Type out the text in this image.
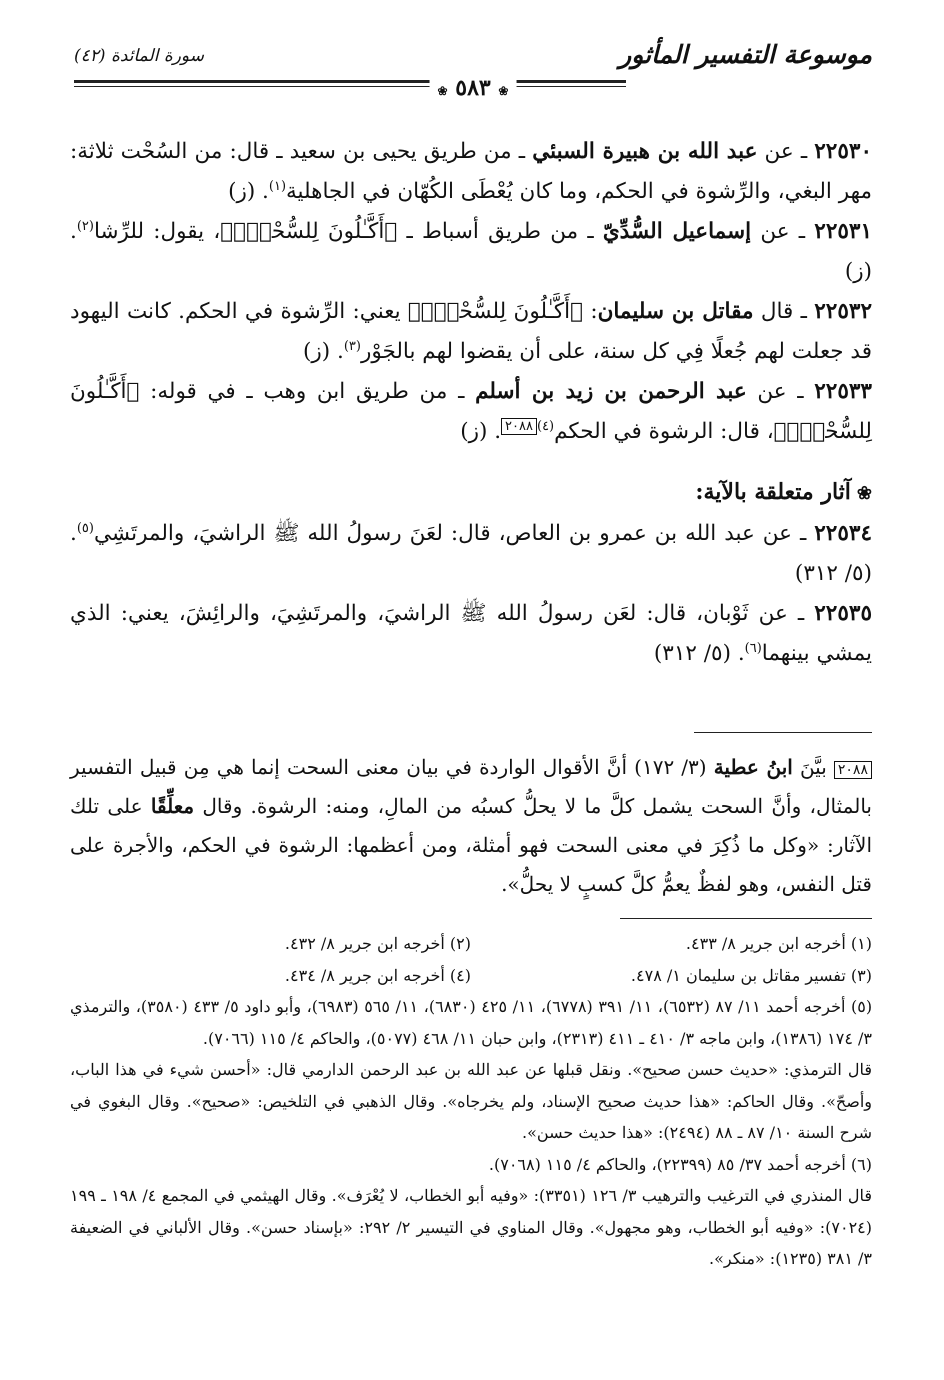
موسوعة التفسير المأثور
سورة المائدة (٤٢)
❀ ٥٨٣ ❀

٢٢٥٣٠ ـ عن عبد الله بن هبيرة السبئي ـ من طريق يحيى بن سعيد ـ قال: من السُحْت ثلاثة: مهر البغي، والرِّشوة في الحكم، وما كان يُعْطَى الكُهّان في الجاهلية$^{(١)}$. (ز)

٢٢٥٣١ ـ عن إسماعيل السُّدِّيّ ـ من طريق أسباط ـ ﴿أَكَّـٰلُونَ لِلسُّحْتِۚ﴾، يقول: للرِّشا$^{(٢)}$. (ز)

٢٢٥٣٢ ـ قال مقاتل بن سليمان: ﴿أَكَّـٰلُونَ لِلسُّحْتِۚ﴾ يعني: الرِّشوة في الحكم. كانت اليهود قد جعلت لهم جُعلًا فِي كل سنة، على أن يقضوا لهم بالجَوْر$^{(٣)}$. (ز)

٢٢٥٣٣ ـ عن عبد الرحمن بن زيد بن أسلم ـ من طريق ابن وهب ـ في قوله: ﴿أَكَّـٰلُونَ لِلسُّحْتِۚ﴾، قال: الرشوة في الحكم$^{(٤)}$٢٠٨٨. (ز)

❀آثار متعلقة بالآية:

٢٢٥٣٤ ـ عن عبد الله بن عمرو بن العاص، قال: لعَنَ رسولُ الله ﷺ الراشيَ، والمرتَشِي$^{(٥)}$. (٥/ ٣١٢)

٢٢٥٣٥ ـ عن ثَوْبان، قال: لعَن رسولُ الله ﷺ الراشيَ، والمرتَشِيَ، والرائِشَ، يعني: الذي يمشي بينهما$^{(٦)}$. (٥/ ٣١٢)

٢٠٨٨ بيَّنَ ابنُ عطية (٣/ ١٧٢) أنَّ الأقوال الواردة في بيان معنى السحت إنما هي مِن قبيل التفسير بالمثال، وأنَّ السحت يشمل كلَّ ما لا يحلُّ كسبُه من المالِ، ومنه: الرشوة. وقال معلِّقًا على تلك الآثار: «وكل ما ذُكِرَ في معنى السحت فهو أمثلة، ومن أعظمها: الرشوة في الحكم، والأجرة على قتل النفس، وهو لفظٌ يعمُّ كلَّ كسبٍ لا يحلُّ».
(١) أخرجه ابن جرير ٨/ ٤٣٣.
(٢) أخرجه ابن جرير ٨/ ٤٣٢.
(٣) تفسير مقاتل بن سليمان ١/ ٤٧٨.
(٤) أخرجه ابن جرير ٨/ ٤٣٤.

(٥) أخرجه أحمد ١١/ ٨٧ (٦٥٣٢)، ١١/ ٣٩١ (٦٧٧٨)، ١١/ ٤٢٥ (٦٨٣٠)، ١١/ ٥٦٥ (٦٩٨٣)، وأبو داود ٥/ ٤٣٣ (٣٥٨٠)، والترمذي ٣/ ١٧٤ (١٣٨٦)، وابن ماجه ٣/ ٤١٠ ـ ٤١١ (٢٣١٣)، وابن حبان ١١/ ٤٦٨ (٥٠٧٧)، والحاكم ٤/ ١١٥ (٧٠٦٦).

قال الترمذي: «حديث حسن صحيح». ونقل قبلها عن عبد الله بن عبد الرحمن الدارمي قال: «أحسن شيء في هذا الباب، وأصحّ». وقال الحاكم: «هذا حديث صحيح الإسناد، ولم يخرجاه». وقال الذهبي في التلخيص: «صحيح». وقال البغوي في شرح السنة ١٠/ ٨٧ ـ ٨٨ (٢٤٩٤): «هذا حديث حسن».

(٦) أخرجه أحمد ٣٧/ ٨٥ (٢٢٣٩٩)، والحاكم ٤/ ١١٥ (٧٠٦٨).

قال المنذري في الترغيب والترهيب ٣/ ١٢٦ (٣٣٥١): «وفيه أبو الخطاب، لا يُعْرَف». وقال الهيثمي في المجمع ٤/ ١٩٨ ـ ١٩٩ (٧٠٢٤): «وفيه أبو الخطاب، وهو مجهول». وقال المناوي في التيسير ٢/ ٢٩٢: «بإسناد حسن». وقال الألباني في الضعيفة ٣/ ٣٨١ (١٢٣٥): «منكر».
